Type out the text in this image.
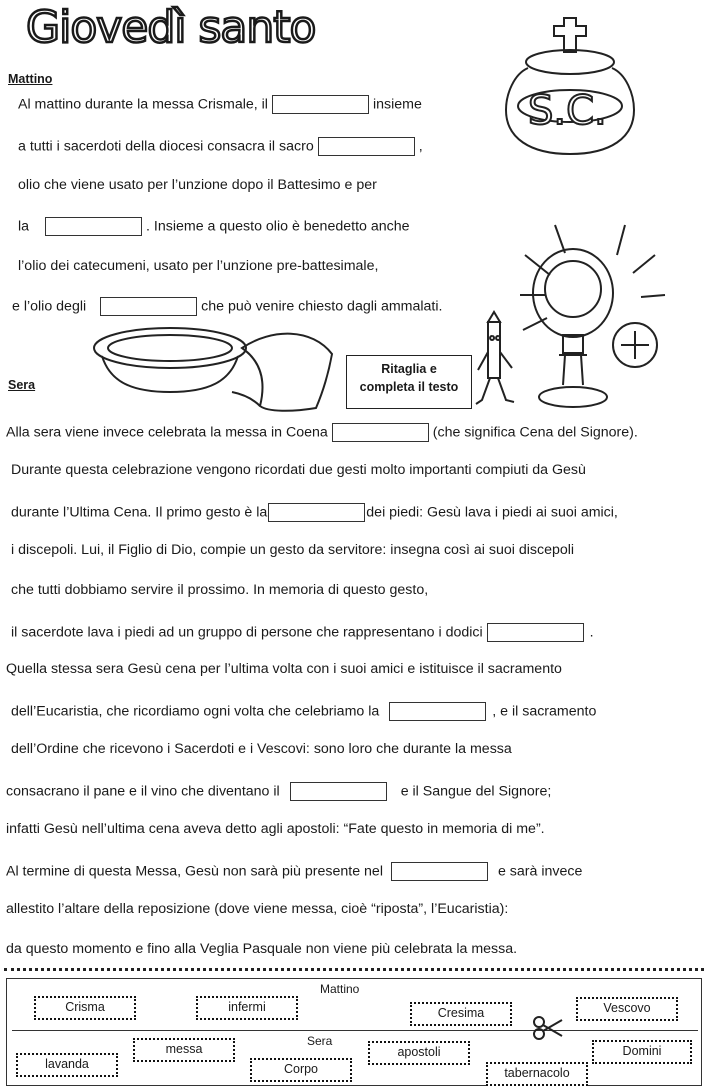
Giovedì santo
S.C.
Ritaglia e
completa il testo
Mattino
Sera
Al mattino durante la messa Crismale, il	insieme
a tutti i sacerdoti della diocesi consacra il sacro	,
olio che viene usato per l’unzione dopo il Battesimo e per
la	. Insieme a questo olio è benedetto anche
l’olio dei catecumeni, usato per l’unzione pre-battesimale,
e l’olio degli	che può venire chiesto dagli ammalati.
Alla sera viene invece celebrata la messa in Coena	(che significa Cena del Signore).
Durante questa celebrazione vengono ricordati due gesti molto importanti compiuti da Gesù
durante l’Ultima Cena. Il primo gesto è la	dei piedi: Gesù lava i piedi ai suoi amici,
i discepoli. Lui, il Figlio di Dio, compie un gesto da servitore: insegna così ai suoi discepoli
che tutti dobbiamo servire il prossimo. In memoria di questo gesto,
il sacerdote lava i piedi ad un gruppo di persone che rappresentano i dodici	.
Quella stessa sera Gesù cena per l’ultima volta con i suoi amici e istituisce il sacramento
dell’Eucaristia, che ricordiamo ogni volta che celebriamo la	, e il sacramento
dell’Ordine che ricevono i Sacerdoti e i Vescovi: sono loro che durante la messa
consacrano il pane e il vino che diventano il	e il Sangue del Signore;
infatti Gesù nell’ultima cena aveva detto agli apostoli: “Fate questo in memoria di me”.
Al termine di questa Messa, Gesù non sarà più presente nel	e sarà invece
allestito l’altare della reposizione (dove viene messa, cioè “riposta”, l’Eucaristia):
da questo momento e fino alla Veglia Pasquale non viene più celebrata la messa.
Mattino
Sera
Crisma	infermi	Cresima	Vescovo
lavanda
messa
Corpo
apostoli
tabernacolo
Domini
